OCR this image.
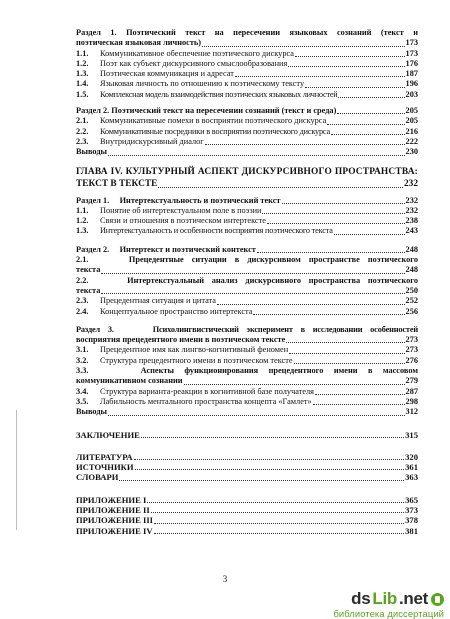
Раздел 1. Поэтический текст на пересечении языковых сознаний (текст и
поэтическая языковая личность)	173
1.1.	Коммуникативное обеспечение поэтического дискурса	173
1.2.	Поэт как субъект дискурсивного смыслообразования	176
1.3.	Поэтическая коммуникация и адресат	187
1.4.	Языковая личность по отношению к поэтическому тексту	196
1.5.	Комплексная модель взаимодействия поэтических языковых личностей	203
Раздел 2. Поэтический текст на пересечении сознаний (текст и среда)	205
2.1.	Коммуникативные помехи в восприятии поэтического дискурса	205
2.2.	Коммуникативные посредники в восприятии поэтического дискурса	216
2.3.	Внутридискурсивный диалог	222
Выводы	230
ГЛАВА IV. КУЛЬТУРНЫЙ АСПЕКТ ДИСКУРСИВНОГО ПРОСТРАНСТВА:
ТЕКСТ В ТЕКСТЕ	232
Раздел 1.     Интертекстуальность и поэтический текст	232
1.1.	Понятие об интертекстуальном поле в поэзии	232
1.2.	Связи и отношения в поэтическом интертексте	238
1.3.	Интертекстуальность и особенности восприятия поэтического текста	243
Раздел 2.     Интертекст и поэтический контекст	248
2.1.     Прецедентные ситуации в дискурсивном пространстве поэтического
текста	248
2.2.     Интертекстуальный анализ дискурсивного пространства поэтического
текста	250
2.3.	Прецедентная ситуация и цитата	252
2.4.	Концептуальное пространство интертекста	256
Раздел 3.     Психолингвистический эксперимент в исследовании особенностей
восприятия прецедентного имени в поэтическом тексте	273
3.1.	Прецедентное имя как лингво-когнитивный феномен	273
3.2.	Структура прецедентного имени в поэтическом тексте	276
3.3.     Аспекты функционирования прецедентного имени в массовом
коммуникативном сознании	279
3.4.	Структура варианта-реакции в когнитивной базе получателя	287
3.5.	Лабильность ментального пространства концепта «Гамлет»	298
Выводы	312
ЗАКЛЮЧЕНИЕ	315
ЛИТЕРАТУРА	320
ИСТОЧНИКИ	361
СЛОВАРИ	363
ПРИЛОЖЕНИЕ I	365
ПРИЛОЖЕНИЕ II	373
ПРИЛОЖЕНИЕ III	378
ПРИЛОЖЕНИЕ IV	381
3
ds Lib .net
библиотека диссертаций
